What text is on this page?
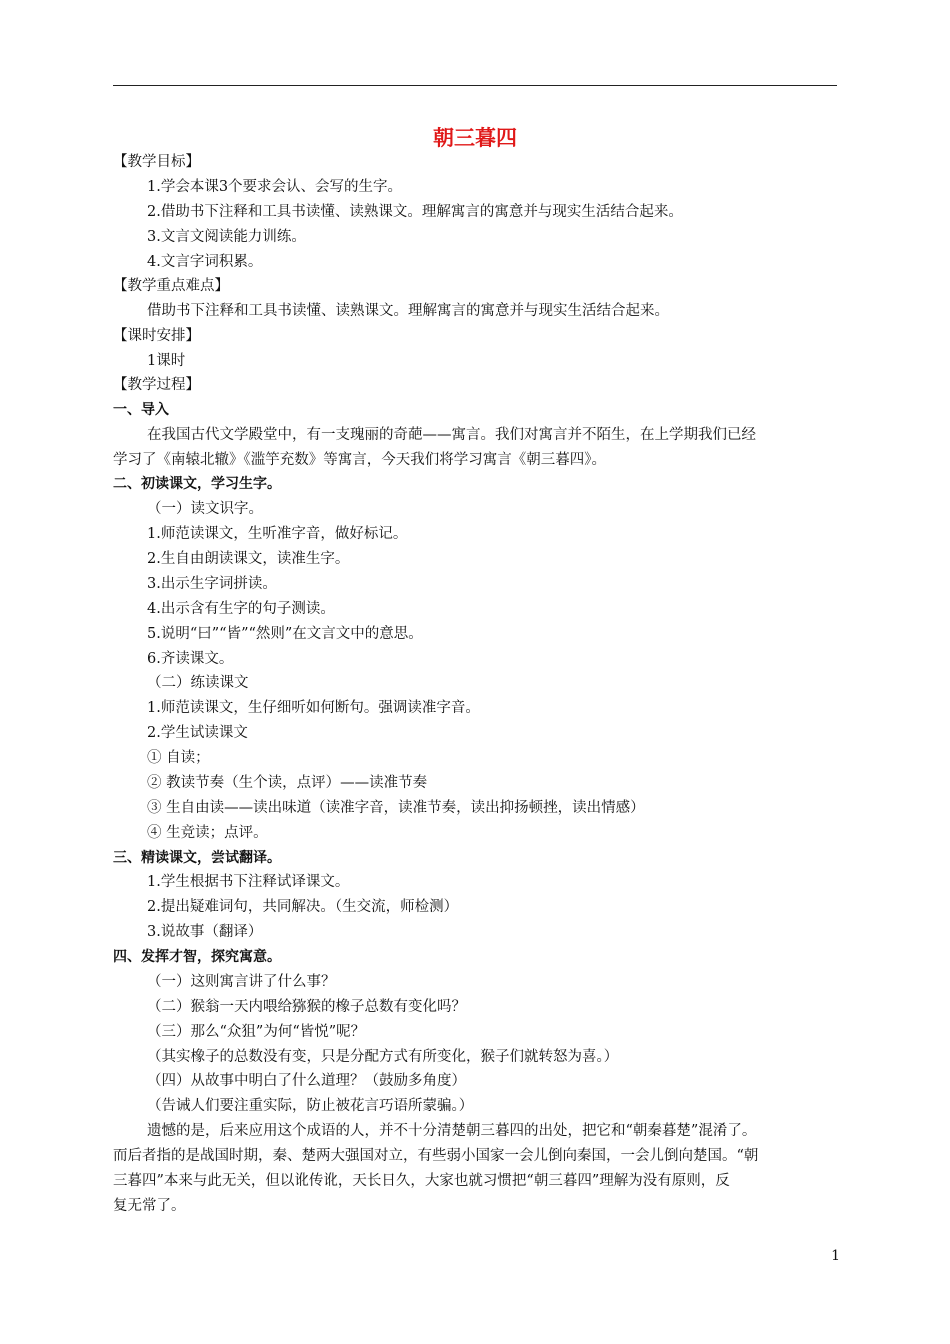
朝三暮四
【教学目标】
1.学会本课3个要求会认、会写的生字。
2.借助书下注释和工具书读懂、读熟课文。理解寓言的寓意并与现实生活结合起来。
3.文言文阅读能力训练。
4.文言字词积累。
【教学重点难点】
借助书下注释和工具书读懂、读熟课文。理解寓言的寓意并与现实生活结合起来。
【课时安排】
1课时
【教学过程】
一、导入
在我国古代文学殿堂中，有一支瑰丽的奇葩——寓言。我们对寓言并不陌生，在上学期我们已经
学习了《南辕北辙》《滥竽充数》等寓言，今天我们将学习寓言《朝三暮四》。
二、初读课文，学习生字。
（一）读文识字。
1.师范读课文，生听准字音，做好标记。
2.生自由朗读课文，读准生字。
3.出示生字词拼读。
4.出示含有生字的句子测读。
5.说明“曰”“皆”“然则”在文言文中的意思。
6.齐读课文。
（二）练读课文
1.师范读课文，生仔细听如何断句。强调读准字音。
2.学生试读课文
① 自读；
② 教读节奏（生个读，点评）——读准节奏
③ 生自由读——读出味道（读准字音，读准节奏，读出抑扬顿挫，读出情感）
④ 生竞读；点评。
三、精读课文，尝试翻译。
1.学生根据书下注释试译课文。
2.提出疑难词句，共同解决。（生交流，师检测）
3.说故事（翻译）
四、发挥才智，探究寓意。
（一）这则寓言讲了什么事？
（二）猴翁一天内喂给猕猴的橡子总数有变化吗？
（三）那么“众狙”为何“皆悦”呢？
（其实橡子的总数没有变，只是分配方式有所变化，猴子们就转怒为喜。）
（四）从故事中明白了什么道理？（鼓励多角度）
（告诫人们要注重实际，防止被花言巧语所蒙骗。）
遗憾的是，后来应用这个成语的人，并不十分清楚朝三暮四的出处，把它和“朝秦暮楚”混淆了。
而后者指的是战国时期，秦、楚两大强国对立，有些弱小国家一会儿倒向秦国，一会儿倒向楚国。“朝
三暮四”本来与此无关，但以讹传讹，天长日久，大家也就习惯把“朝三暮四”理解为没有原则，反
复无常了。
1
